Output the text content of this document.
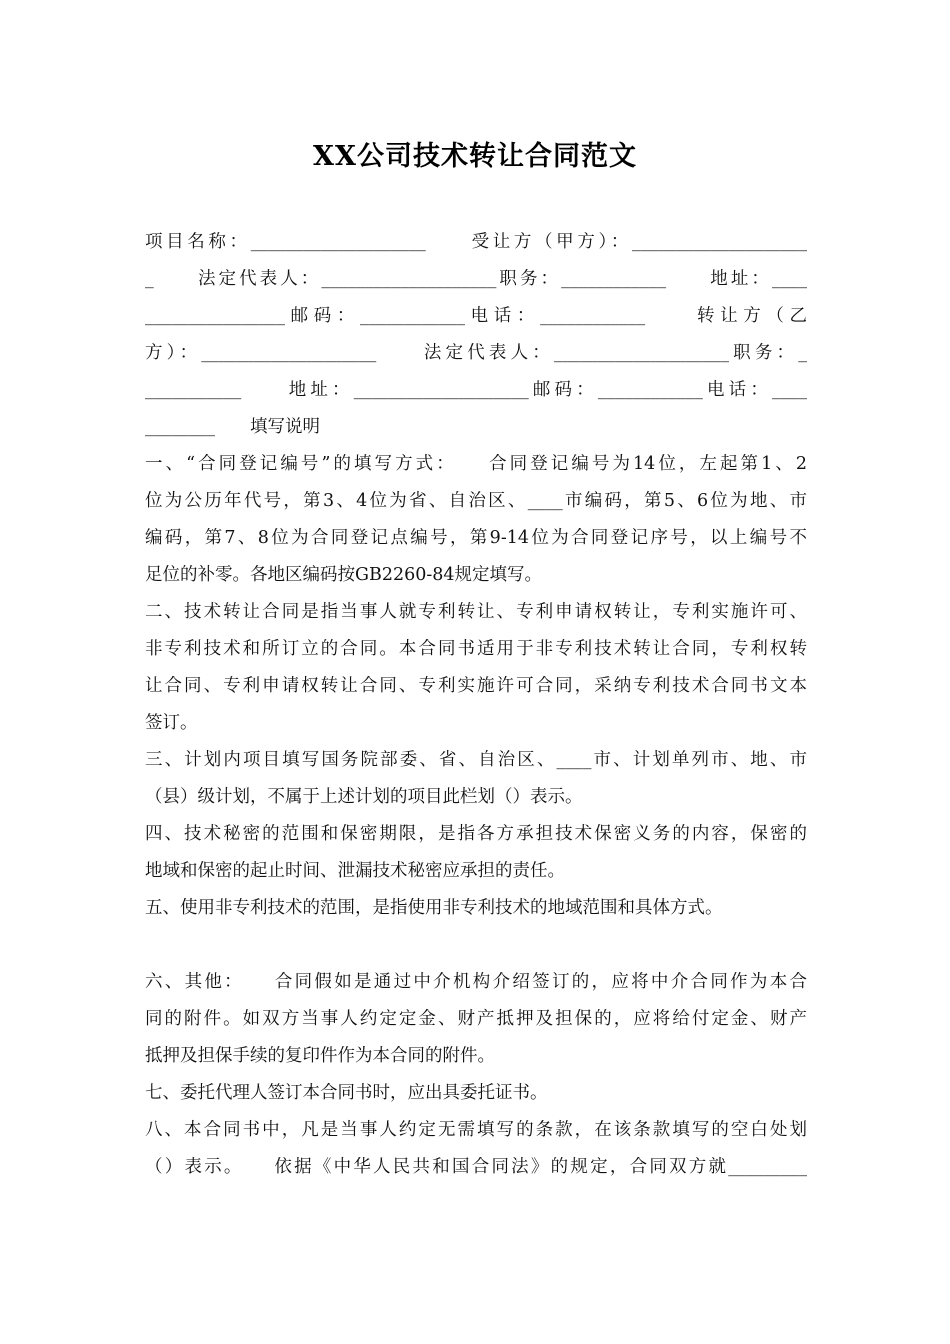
XX公司技术转让合同范文
项目名称：____________________　　受让方（甲方）：____________________
_　　法定代表人：____________________职务：____________　　地址：____
________________邮码：____________电话：____________　　转让方（乙
方）：____________________　　法定代表人：____________________职务：_
___________　　地址：____________________邮码：____________电话：____
________　　填写说明
一、“合同登记编号”的填写方式：　　合同登记编号为14位，左起第1、2
位为公历年代号，第3、4位为省、自治区、____市编码，第5、6位为地、市
编码，第7、8位为合同登记点编号，第9-14位为合同登记序号，以上编号不
足位的补零。各地区编码按GB2260-84规定填写。
二、技术转让合同是指当事人就专利转让、专利申请权转让，专利实施许可、
非专利技术和所订立的合同。本合同书适用于非专利技术转让合同，专利权转
让合同、专利申请权转让合同、专利实施许可合同，采纳专利技术合同书文本
签订。
三、计划内项目填写国务院部委、省、自治区、____市、计划单列市、地、市
（县）级计划，不属于上述计划的项目此栏划（）表示。
四、技术秘密的范围和保密期限，是指各方承担技术保密义务的内容，保密的
地域和保密的起止时间、泄漏技术秘密应承担的责任。
五、使用非专利技术的范围，是指使用非专利技术的地域范围和具体方式。
六、其他：　　合同假如是通过中介机构介绍签订的，应将中介合同作为本合
同的附件。如双方当事人约定定金、财产抵押及担保的，应将给付定金、财产
抵押及担保手续的复印件作为本合同的附件。
七、委托代理人签订本合同书时，应出具委托证书。
八、本合同书中，凡是当事人约定无需填写的条款，在该条款填写的空白处划
（）表示。　　依据《中华人民共和国合同法》的规定，合同双方就_________
